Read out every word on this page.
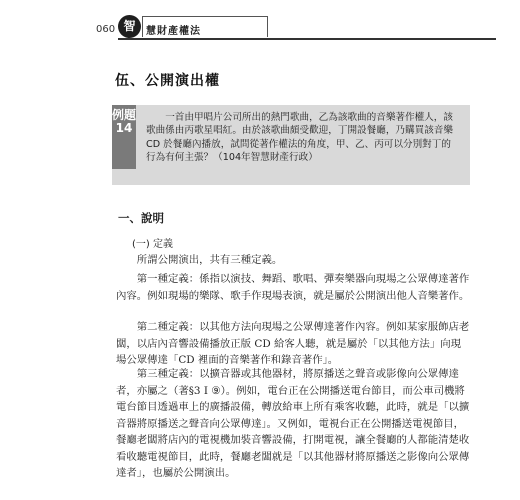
060 智	慧財產權法
伍、公開演出權
例題14
一首由甲唱片公司所出的熱門歌曲，乙為該歌曲的音樂著作權人，該歌曲係由丙歌星唱紅。由於該歌曲頗受歡迎，丁開設餐廳，乃購買該音樂 CD 於餐廳內播放，試問從著作權法的角度，甲、乙、丙可以分別對丁的行為有何主張？（104年智慧財產行政）
一、說明
(一) 定義

所謂公開演出，共有三種定義。

第一種定義：係指以演技、舞蹈、歌唱、彈奏樂器向現場之公眾傳達著作內容。例如現場的樂隊、歌手作現場表演，就是屬於公開演出他人音樂著作。

第二種定義：以其他方法向現場之公眾傳達著作內容。例如某家服飾店老闆，以店內音響設備播放正版 CD 給客人聽，就是屬於「以其他方法」向現場公眾傳達「CD 裡面的音樂著作和錄音著作」。

第三種定義：以擴音器或其他器材，將原播送之聲音或影像向公眾傳達者，亦屬之（著§3 I ⑨）。例如，電台正在公開播送電台節目，而公車司機將電台節目透過車上的廣播設備，轉放給車上所有乘客收聽，此時，就是「以擴音器將原播送之聲音向公眾傳達」。又例如，電視台正在公開播送電視節目，餐廳老闆將店內的電視機加裝音響設備，打開電視，讓全餐廳的人都能清楚收看收聽電視節目，此時，餐廳老闆就是「以其他器材將原播送之影像向公眾傳達者」，也屬於公開演出。
